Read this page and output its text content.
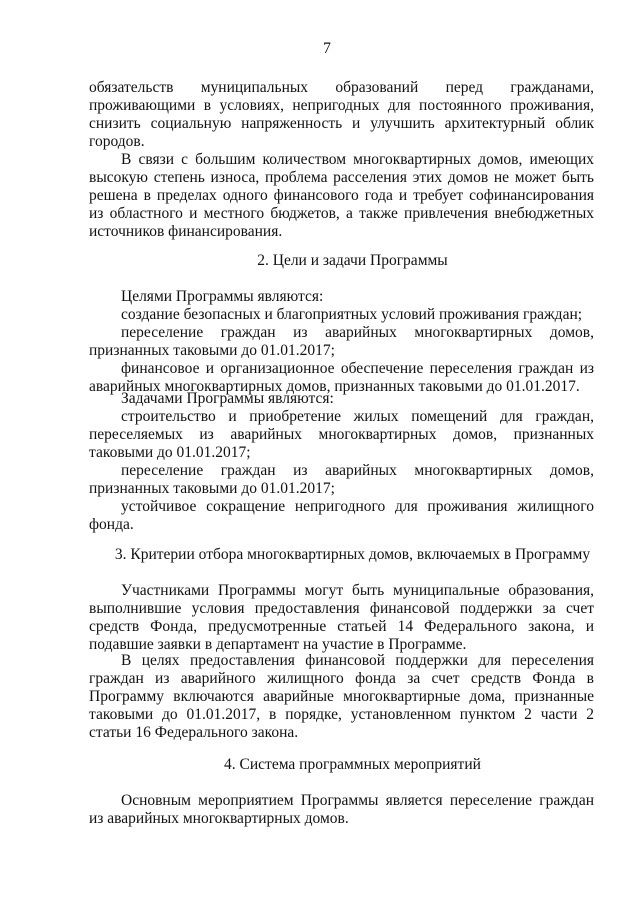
7
обязательств муниципальных образований перед гражданами, проживающими в условиях, непригодных для постоянного проживания, снизить социальную напряженность и улучшить архитектурный облик городов.
В связи с большим количеством многоквартирных домов, имеющих высокую степень износа, проблема расселения этих домов не может быть решена в пределах одного финансового года и требует софинансирования из областного и местного бюджетов, а также привлечения внебюджетных источников финансирования.
2. Цели и задачи Программы
Целями Программы являются:
создание безопасных и благоприятных условий проживания граждан;
переселение граждан из аварийных многоквартирных домов, признанных таковыми до 01.01.2017;
финансовое и организационное обеспечение переселения граждан из аварийных многоквартирных домов, признанных таковыми до 01.01.2017.
Задачами Программы являются:
строительство и приобретение жилых помещений для граждан, переселяемых из аварийных многоквартирных домов, признанных таковыми до 01.01.2017;
переселение граждан из аварийных многоквартирных домов, признанных таковыми до 01.01.2017;
устойчивое сокращение непригодного для проживания жилищного фонда.
3. Критерии отбора многоквартирных домов, включаемых в Программу
Участниками Программы могут быть муниципальные образования, выполнившие условия предоставления финансовой поддержки за счет средств Фонда, предусмотренные статьей 14 Федерального закона, и подавшие заявки в департамент на участие в Программе.
В целях предоставления финансовой поддержки для переселения граждан из аварийного жилищного фонда за счет средств Фонда в Программу включаются аварийные многоквартирные дома, признанные таковыми до 01.01.2017, в порядке, установленном пунктом 2 части 2 статьи 16 Федерального закона.
4. Система программных мероприятий
Основным мероприятием Программы является переселение граждан из аварийных многоквартирных домов.
